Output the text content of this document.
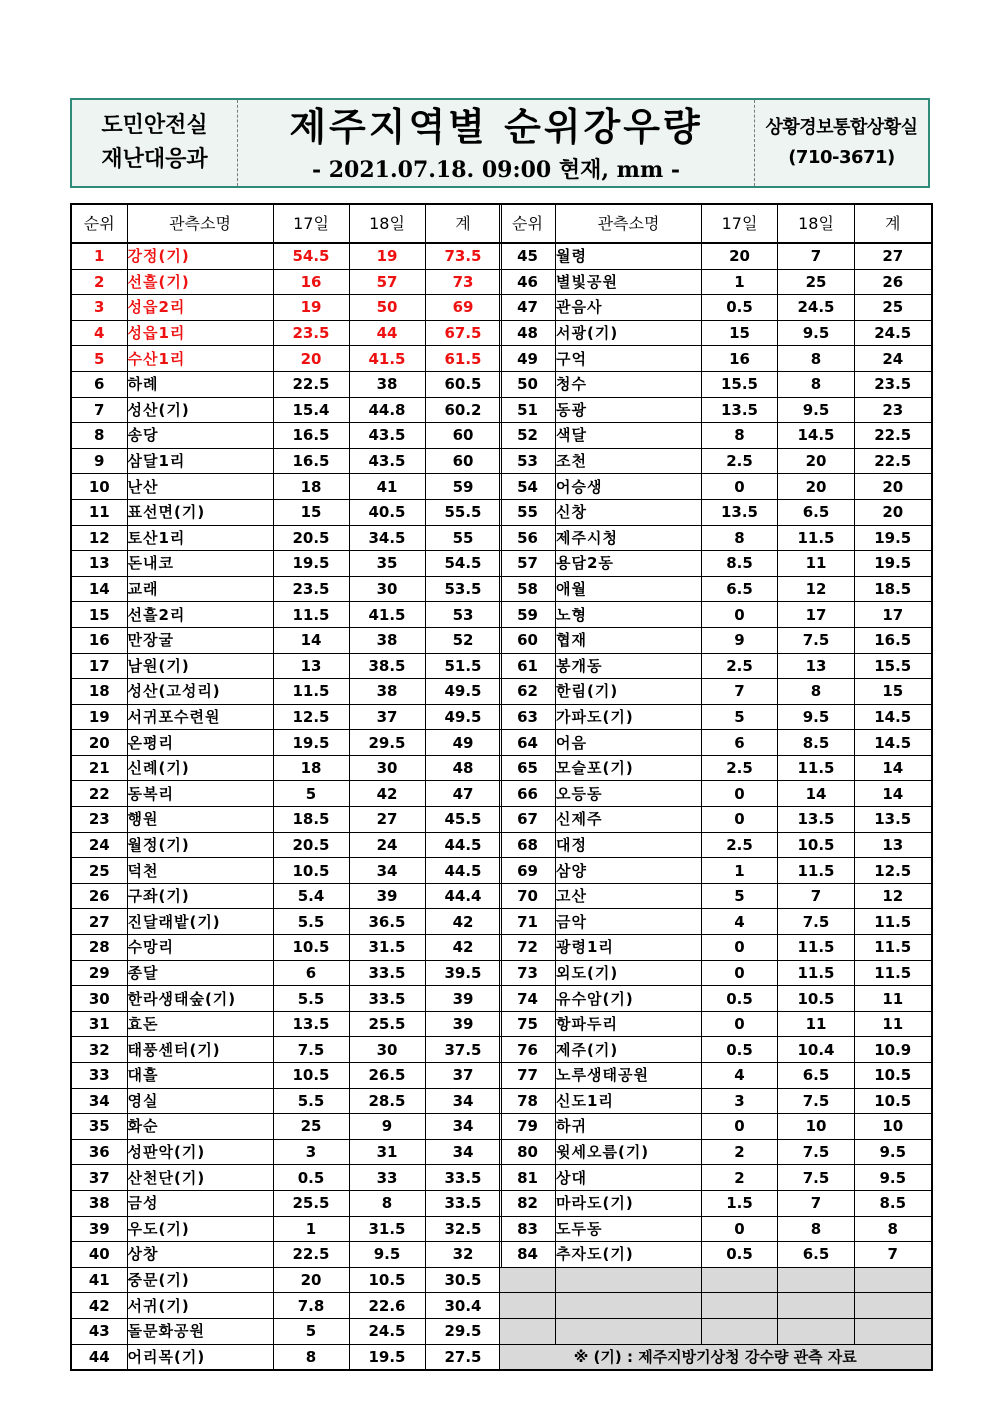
도민안전실
재난대응과
제주지역별 순위강우량
- 2021.07.18. 09:00 현재, mm -
상황경보통합상황실
(710-3671)
순위	관측소명	17일	18일	계
1	강정(기)	54.5	19	73.5
2	선흘(기)	16	57	73
3	성읍2리	19	50	69
4	성읍1리	23.5	44	67.5
5	수산1리	20	41.5	61.5
6	하례	22.5	38	60.5
7	성산(기)	15.4	44.8	60.2
8	송당	16.5	43.5	60
9	삼달1리	16.5	43.5	60
10	난산	18	41	59
11	표선면(기)	15	40.5	55.5
12	토산1리	20.5	34.5	55
13	돈내코	19.5	35	54.5
14	교래	23.5	30	53.5
15	선흘2리	11.5	41.5	53
16	만장굴	14	38	52
17	남원(기)	13	38.5	51.5
18	성산(고성리)	11.5	38	49.5
19	서귀포수련원	12.5	37	49.5
20	온평리	19.5	29.5	49
21	신례(기)	18	30	48
22	동복리	5	42	47
23	행원	18.5	27	45.5
24	월정(기)	20.5	24	44.5
25	덕천	10.5	34	44.5
26	구좌(기)	5.4	39	44.4
27	진달래밭(기)	5.5	36.5	42
28	수망리	10.5	31.5	42
29	종달	6	33.5	39.5
30	한라생태숲(기)	5.5	33.5	39
31	효돈	13.5	25.5	39
32	태풍센터(기)	7.5	30	37.5
33	대흘	10.5	26.5	37
34	영실	5.5	28.5	34
35	화순	25	9	34
36	성판악(기)	3	31	34
37	산천단(기)	0.5	33	33.5
38	금성	25.5	8	33.5
39	우도(기)	1	31.5	32.5
40	상창	22.5	9.5	32
41	중문(기)	20	10.5	30.5
42	서귀(기)	7.8	22.6	30.4
43	돌문화공원	5	24.5	29.5
44	어리목(기)	8	19.5	27.5
순위	관측소명	17일	18일	계
45	월령	20	7	27
46	별빛공원	1	25	26
47	관음사	0.5	24.5	25
48	서광(기)	15	9.5	24.5
49	구억	16	8	24
50	청수	15.5	8	23.5
51	동광	13.5	9.5	23
52	색달	8	14.5	22.5
53	조천	2.5	20	22.5
54	어승생	0	20	20
55	신창	13.5	6.5	20
56	제주시청	8	11.5	19.5
57	용담2동	8.5	11	19.5
58	애월	6.5	12	18.5
59	노형	0	17	17
60	협재	9	7.5	16.5
61	봉개동	2.5	13	15.5
62	한림(기)	7	8	15
63	가파도(기)	5	9.5	14.5
64	어음	6	8.5	14.5
65	모슬포(기)	2.5	11.5	14
66	오등동	0	14	14
67	신제주	0	13.5	13.5
68	대정	2.5	10.5	13
69	삼양	1	11.5	12.5
70	고산	5	7	12
71	금악	4	7.5	11.5
72	광령1리	0	11.5	11.5
73	외도(기)	0	11.5	11.5
74	유수암(기)	0.5	10.5	11
75	항파두리	0	11	11
76	제주(기)	0.5	10.4	10.9
77	노루생태공원	4	6.5	10.5
78	신도1리	3	7.5	10.5
79	하귀	0	10	10
80	윗세오름(기)	2	7.5	9.5
81	상대	2	7.5	9.5
82	마라도(기)	1.5	7	8.5
83	도두동	0	8	8
84	추자도(기)	0.5	6.5	7

※ (기) : 제주지방기상청 강수량 관측 자료				
